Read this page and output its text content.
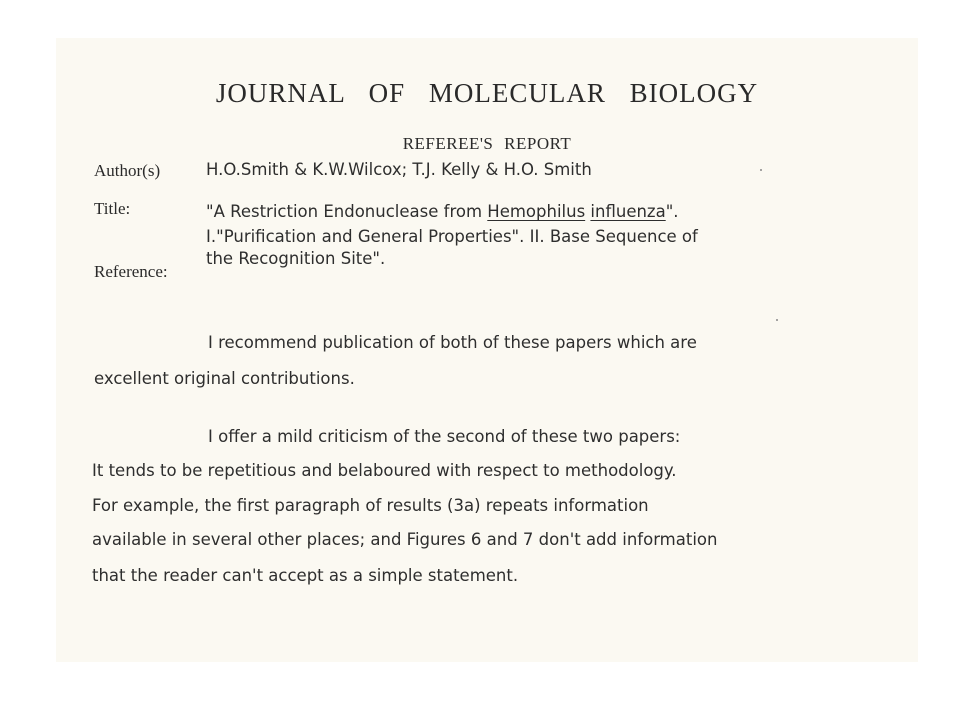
JOURNAL OF MOLECULAR BIOLOGY
REFEREE'S REPORT
Author(s)	H.O.Smith & K.W.Wilcox; T.J. Kelly & H.O. Smith
Title:	"A Restriction Endonuclease from Hemophilus influenza".
I."Purification and General Properties". II. Base Sequence of
the Recognition Site".
Reference:
I recommend publication of both of these papers which are
excellent original contributions.
I offer a mild criticism of the second of these two papers:
It tends to be repetitious and belaboured with respect to methodology.
For example, the first paragraph of results (3a) repeats information
available in several other places; and Figures 6 and 7 don't add information
that the reader can't accept as a simple statement.
